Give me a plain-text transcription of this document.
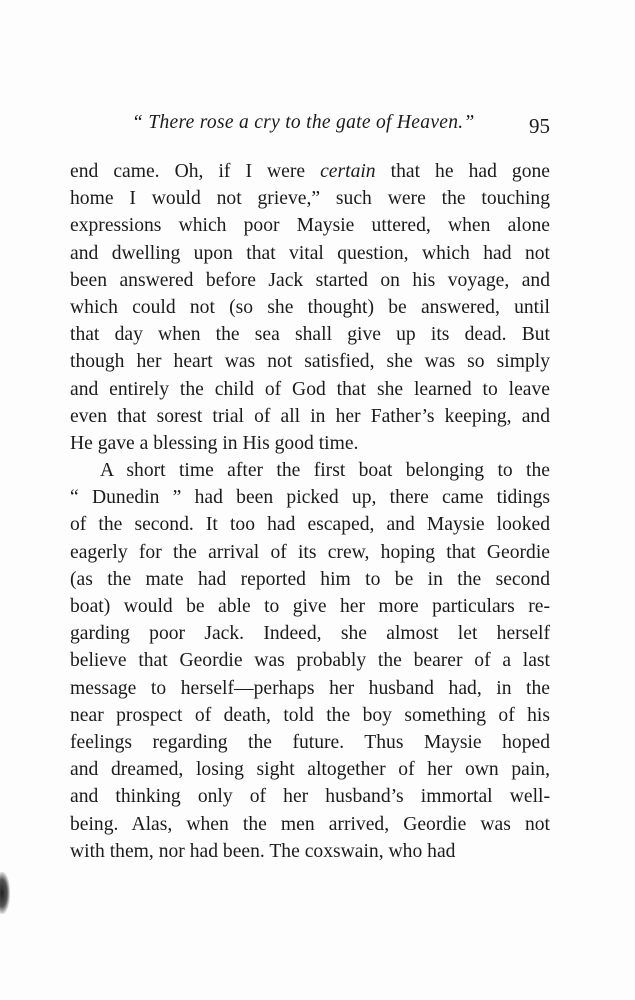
“ There rose a cry to the gate of Heaven.”	95
end came. Oh, if I were certain that he had gone
home I would not grieve,” such were the touching
expressions which poor Maysie uttered, when alone
and dwelling upon that vital question, which had not
been answered before Jack started on his voyage, and
which could not (so she thought) be answered, until
that day when the sea shall give up its dead. But
though her heart was not satisfied, she was so simply
and entirely the child of God that she learned to leave
even that sorest trial of all in her Father’s keeping, and
He gave a blessing in His good time.
A short time after the first boat belonging to the
“ Dunedin ” had been picked up, there came tidings
of the second. It too had escaped, and Maysie looked
eagerly for the arrival of its crew, hoping that Geordie
(as the mate had reported him to be in the second
boat) would be able to give her more particulars re-
garding poor Jack. Indeed, she almost let herself
believe that Geordie was probably the bearer of a last
message to herself—perhaps her husband had, in the
near prospect of death, told the boy something of his
feelings regarding the future. Thus Maysie hoped
and dreamed, losing sight altogether of her own pain,
and thinking only of her husband’s immortal well-
being. Alas, when the men arrived, Geordie was not
with them, nor had been. The coxswain, who had
